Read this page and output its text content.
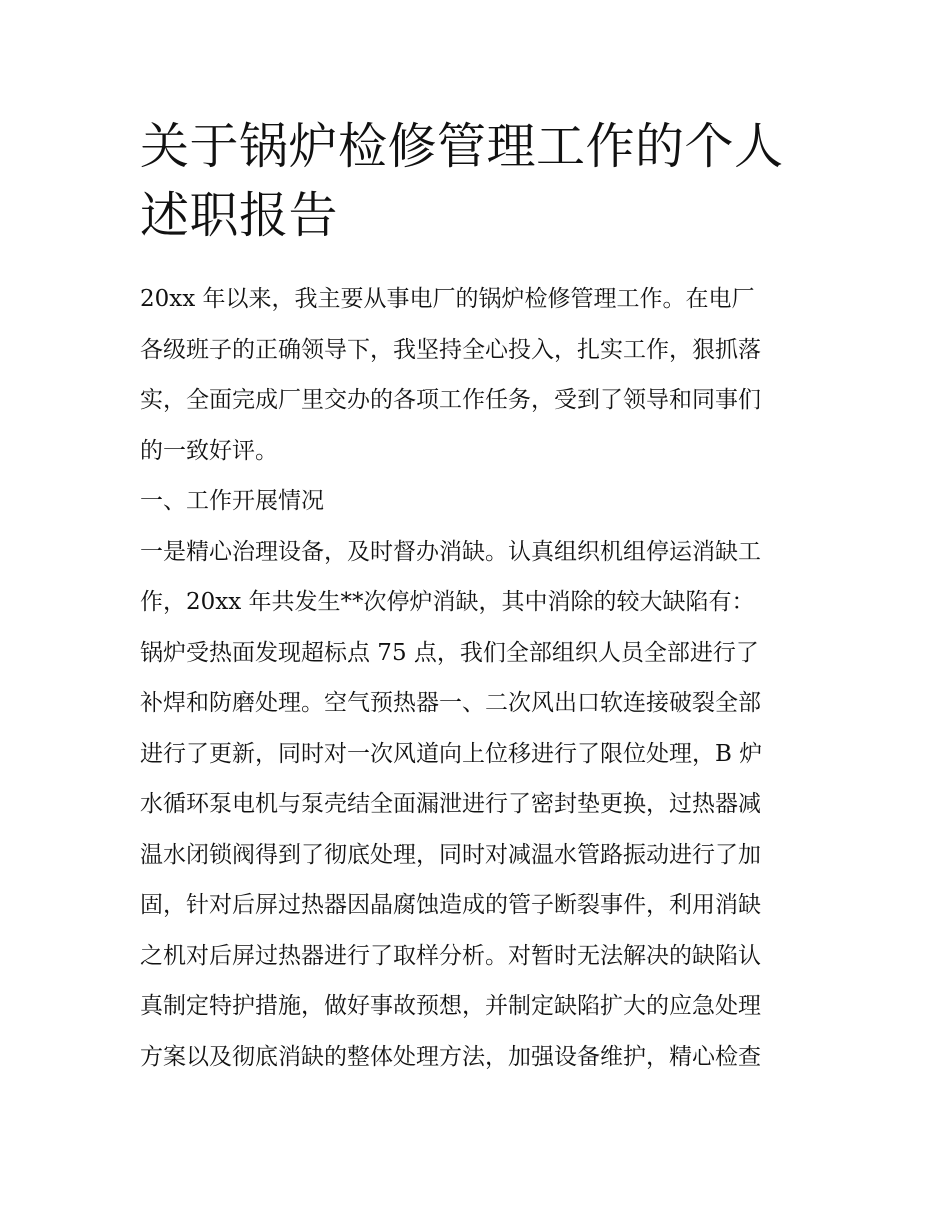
关于锅炉检修管理工作的个人
述职报告
20xx 年以来，我主要从事电厂的锅炉检修管理工作。在电厂
各级班子的正确领导下，我坚持全心投入，扎实工作，狠抓落
实，全面完成厂里交办的各项工作任务，受到了领导和同事们
的一致好评。
一、工作开展情况
一是精心治理设备，及时督办消缺。认真组织机组停运消缺工
作，20xx 年共发生**次停炉消缺，其中消除的较大缺陷有：
锅炉受热面发现超标点 75 点，我们全部组织人员全部进行了
补焊和防磨处理。空气预热器一、二次风出口软连接破裂全部
进行了更新，同时对一次风道向上位移进行了限位处理，B 炉
水循环泵电机与泵壳结全面漏泄进行了密封垫更换，过热器减
温水闭锁阀得到了彻底处理，同时对减温水管路振动进行了加
固，针对后屏过热器因晶腐蚀造成的管子断裂事件，利用消缺
之机对后屏过热器进行了取样分析。对暂时无法解决的缺陷认
真制定特护措施，做好事故预想，并制定缺陷扩大的应急处理
方案以及彻底消缺的整体处理方法，加强设备维护，精心检查
